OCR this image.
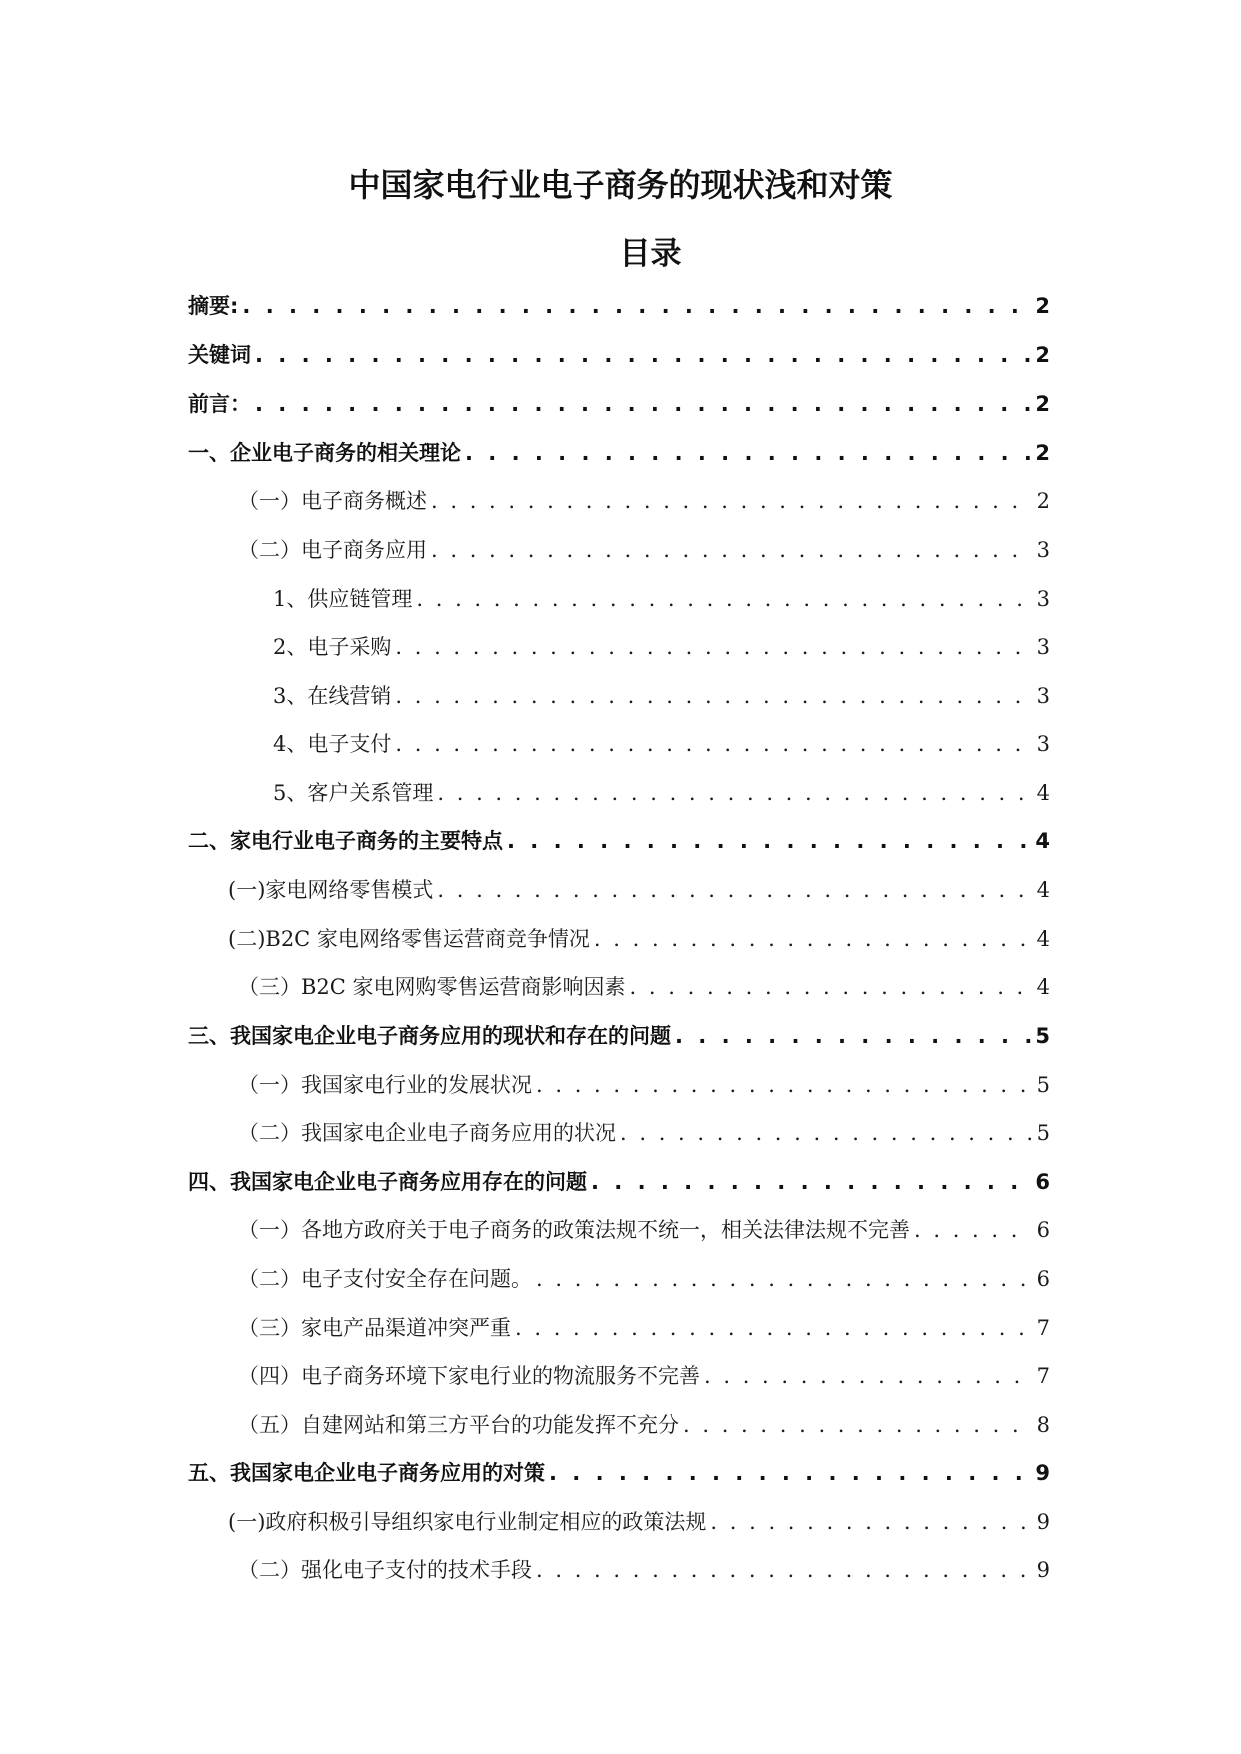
中国家电行业电子商务的现状浅和对策
目录
摘要: . . .	2
关键词 . . .	2
前言： . . .	2
一、企业电子商务的相关理论 . . .	2
（一）电子商务概述 . . .	2
（二）电子商务应用 . . .	3
1、供应链管理 . . .	3
2、电子采购 . . .	3
3、在线营销 . . .	3
4、电子支付 . . .	3
5、客户关系管理 . . .	4
二、家电行业电子商务的主要特点 . . .	4
(一)家电网络零售模式 . . .	4
(二)B2C 家电网络零售运营商竞争情况 . . .	4
（三）B2C 家电网购零售运营商影响因素 . . .	4
三、我国家电企业电子商务应用的现状和存在的问题 . . .	5
（一）我国家电行业的发展状况 . . .	5
（二）我国家电企业电子商务应用的状况 . . .	5
四、我国家电企业电子商务应用存在的问题 . . .	6
（一）各地方政府关于电子商务的政策法规不统一，相关法律法规不完善 . . .	6
（二）电子支付安全存在问题。 . . .	6
（三）家电产品渠道冲突严重 . . .	7
（四）电子商务环境下家电行业的物流服务不完善 . . .	7
（五）自建网站和第三方平台的功能发挥不充分 . . .	8
五、我国家电企业电子商务应用的对策 . . .	9
(一)政府积极引导组织家电行业制定相应的政策法规 . . .	9
（二）强化电子支付的技术手段 . . .	9
